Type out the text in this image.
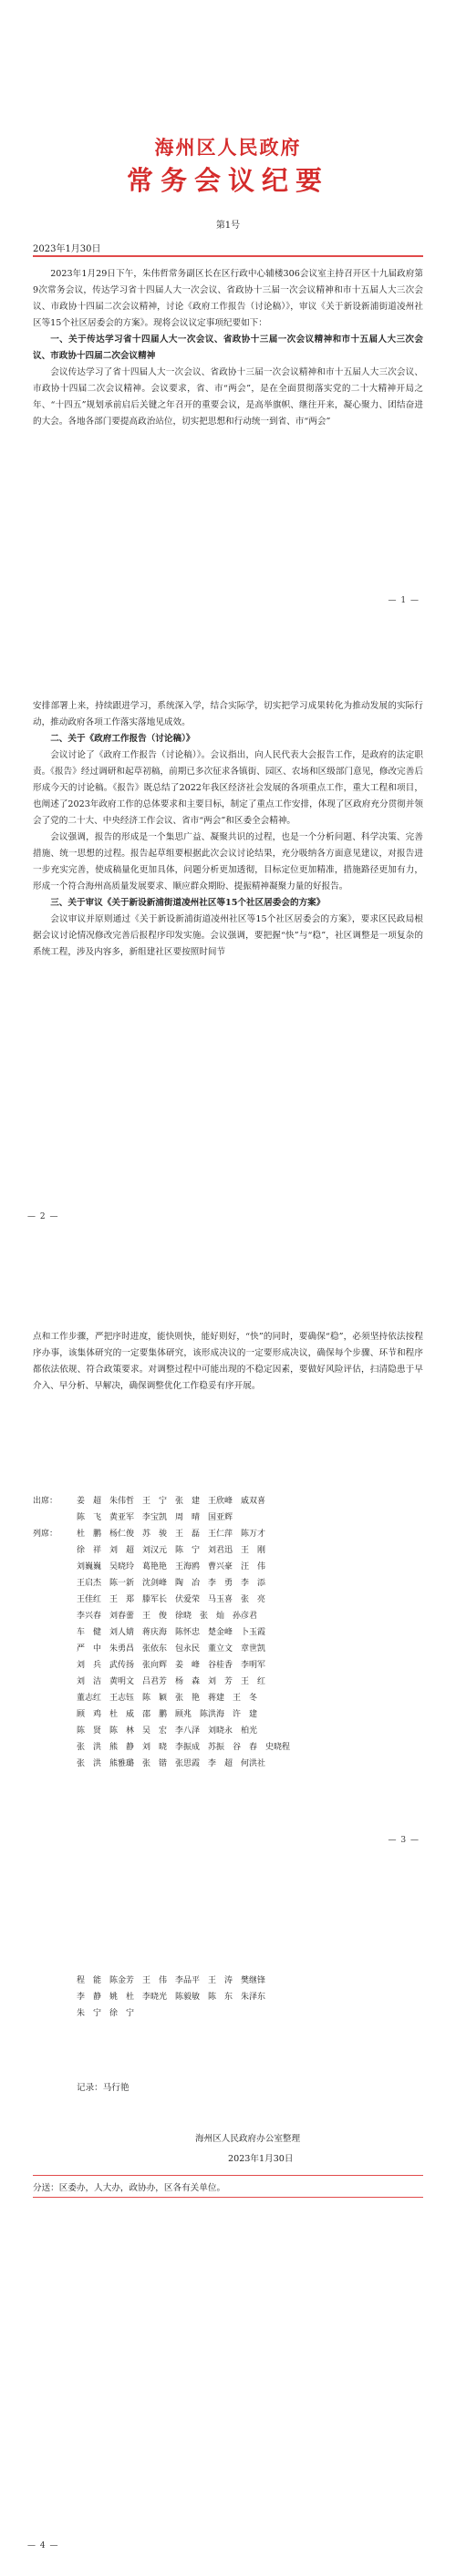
海州区人民政府
常务会议纪要
第1号
2023年1月30日
2023年1月29日下午，朱伟哲常务副区长在区行政中心辅楼306会议室主持召开区十九届政府第9次常务会议，传达学习省十四届人大一次会议、省政协十三届一次会议精神和市十五届人大三次会议、市政协十四届二次会议精神，讨论《政府工作报告（讨论稿）》，审议《关于新设新浦街道凌州社区等15个社区居委会的方案》。现将会议议定事项纪要如下：
一、关于传达学习省十四届人大一次会议、省政协十三届一次会议精神和市十五届人大三次会议、市政协十四届二次会议精神
会议传达学习了省十四届人大一次会议、省政协十三届一次会议精神和市十五届人大三次会议、市政协十四届二次会议精神。会议要求，省、市“两会”，是在全面贯彻落实党的二十大精神开局之年、“十四五”规划承前启后关键之年召开的重要会议，是高举旗帜、继往开来，凝心聚力、团结奋进的大会。各地各部门要提高政治站位，切实把思想和行动统一到省、市“两会”
— 1 —
安排部署上来，持续跟进学习，系统深入学，结合实际学，切实把学习成果转化为推动发展的实际行动，推动政府各项工作落实落地见成效。
二、关于《政府工作报告（讨论稿）》
会议讨论了《政府工作报告（讨论稿）》。会议指出，向人民代表大会报告工作，是政府的法定职责。《报告》经过调研和起草初稿，前期已多次征求各镇街、园区、农场和区级部门意见，修改完善后形成今天的讨论稿。《报告》既总结了2022年我区经济社会发展的各项重点工作，重大工程和项目，也阐述了2023年政府工作的总体要求和主要目标，制定了重点工作安排，体现了区政府充分贯彻并领会了党的二十大、中央经济工作会议、省市“两会”和区委全会精神。
会议强调，报告的形成是一个集思广益、凝聚共识的过程，也是一个分析问题、科学决策、完善措施、统一思想的过程。报告起草组要根据此次会议讨论结果，充分吸纳各方面意见建议，对报告进一步充实完善，使成稿量化更加具体，问题分析更加透彻，目标定位更加精准，措施路径更加有力，形成一个符合海州高质量发展要求、顺应群众期盼、提振精神凝聚力量的好报告。
三、关于审议《关于新设新浦街道凌州社区等15个社区居委会的方案》
会议审议并原则通过《关于新设新浦街道凌州社区等15个社区居委会的方案》，要求区民政局根据会议讨论情况修改完善后报程序印发实施。会议强调，要把握“快”与“稳”，社区调整是一项复杂的系统工程，涉及内容多，新组建社区要按照时间节
— 2 —
点和工作步骤，严把序时进度，能快则快，能好则好，“快”的同时，要确保“稳”，必须坚持依法按程序办事，该集体研究的一定要集体研究，该形成决议的一定要形成决议，确保每个步骤、环节和程序都依法依规、符合政策要求。对调整过程中可能出现的不稳定因素，要做好风险评估，扫清隐患于早介入、早分析、早解决，确保调整优化工作稳妥有序开展。
出席：	姜　超　朱伟哲　王　宁　张　建　王欣峰　戚双喜
陈　飞　黄亚军　李宝凯　周　晴　国亚辉
列席：	杜　鹏　杨仁俊　苏　骏　王　磊　王仁萍　陈万才
徐　祥　刘　超　刘汉元　陈　宁　刘君迅　王　刚
刘巍巍　吴晓玲　葛艳艳　王海鸥　曹兴豪　汪　伟
王启杰　陈一新　沈剑峰　陶　冶　李　勇　李　添
王佳红　王　郑　滕军长　伏爱荣　马玉喜　张　亮
李兴春　刘春蕾　王　俊　徐晓　张　灿　孙彦君
车　健　刘人婧　蒋庆海　陈怀忠　楚金峰　卜玉霞
严　中　朱勇昌　张依东　包永民　董立文　章世凯
刘　兵　武传扬　张向辉　姜　峰　谷桂香　李明军
刘　洁　黄明文　吕君芳　杨　森　刘　芳　王　红
董志红　王志钰　陈　颖　张　艳　蒋建　王　冬
顾　鸡　杜　威　邵　鹏　顾兆　陈洪海　许　建
陈　贤　陈　林　吴　宏　李八泽　刘晓永　柏光
张　洪　熊　静　刘　晓　李振成　苏振　谷　春　史晓程
张　洪　熊雅璐　张　锴　张思霞　李　超　何洪社
— 3 —
程　能　陈金芳　王　伟　李品平　王　涛　樊继锋
李　静　姚　杜　李晓光　陈毅敏　陈　东　朱泽东
朱　宁　徐　宁
记录：马行艳
海州区人民政府办公室整理
2023年1月30日
分送：区委办，人大办，政协办，区各有关单位。
— 4 —
